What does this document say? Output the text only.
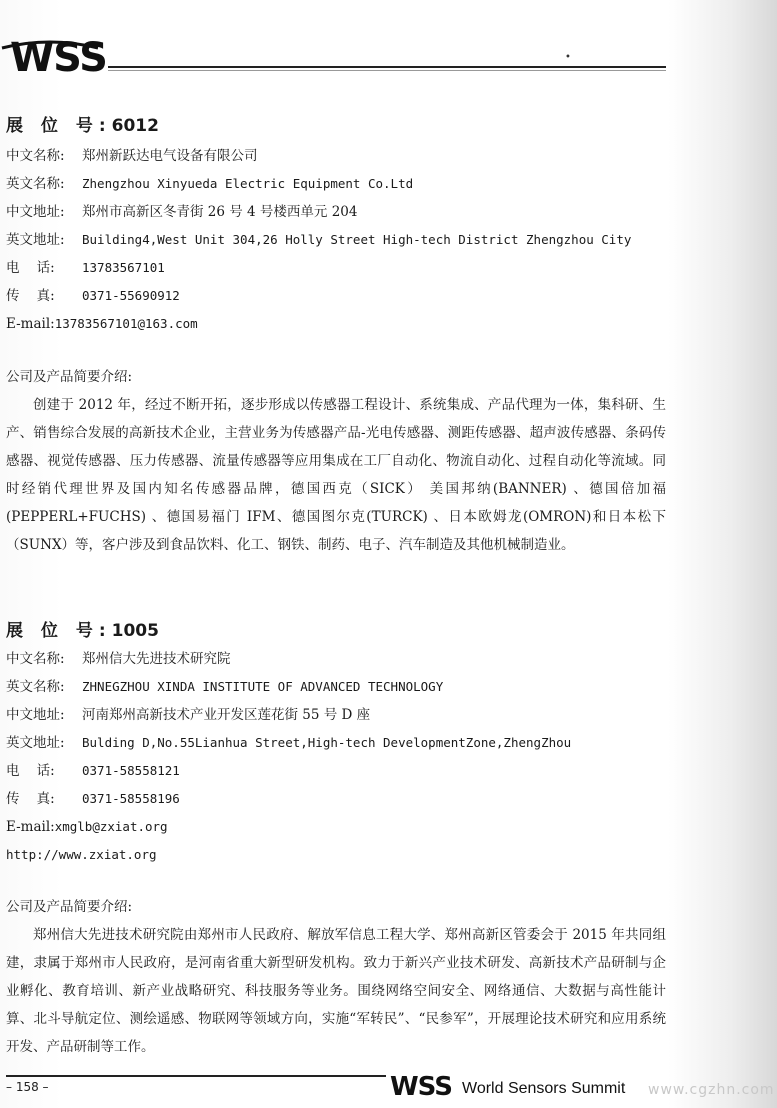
WSS	•
展 位 号:6012
中文名称:	郑州新跃达电气设备有限公司
英文名称:	Zhengzhou Xinyueda Electric Equipment Co.Ltd
中文地址:	郑州市高新区冬青街 26 号 4 号楼西单元 204
英文地址:	Building4,West Unit 304,26 Holly Street High-tech District Zhengzhou City
电    话:	13783567101
传    真:	0371-55690912
E-mail: 13783567101@163.com
公司及产品简要介绍:

创建于 2012 年，经过不断开拓，逐步形成以传感器工程设计、系统集成、产品代理为一体，集科研、生产、销售综合发展的高新技术企业，主营业务为传感器产品-光电传感器、测距传感器、超声波传感器、条码传感器、视觉传感器、压力传感器、流量传感器等应用集成在工厂自动化、物流自动化、过程自动化等流域。同时经销代理世界及国内知名传感器品牌，德国西克（SICK） 美国邦纳(BANNER) 、德国倍加福(PEPPERL+FUCHS) 、德国易福门 IFM、德国图尔克(TURCK) 、日本欧姆龙(OMRON)和日本松下（SUNX）等，客户涉及到食品饮料、化工、钢铁、制药、电子、汽车制造及其他机械制造业。

展 位 号:1005
中文名称:	郑州信大先进技术研究院
英文名称:	ZHNEGZHOU XINDA INSTITUTE OF ADVANCED TECHNOLOGY
中文地址:	河南郑州高新技术产业开发区莲花街 55 号 D 座
英文地址:	Bulding D,No.55Lianhua Street,High-tech DevelopmentZone,ZhengZhou
电    话:	0371-58558121
传    真:	0371-58558196
E-mail: xmglb@zxiat.org
http://www.zxiat.org
公司及产品简要介绍:

郑州信大先进技术研究院由郑州市人民政府、解放军信息工程大学、郑州高新区管委会于 2015 年共同组建，隶属于郑州市人民政府，是河南省重大新型研发机构。致力于新兴产业技术研发、高新技术产品研制与企业孵化、教育培训、新产业战略研究、科技服务等业务。围绕网络空间安全、网络通信、大数据与高性能计算、北斗导航定位、测绘遥感、物联网等领域方向，实施“军转民”、“民参军”，开展理论技术研究和应用系统开发、产品研制等工作。

– 158 –	WSS World Sensors Summit www.cgzhn.com
